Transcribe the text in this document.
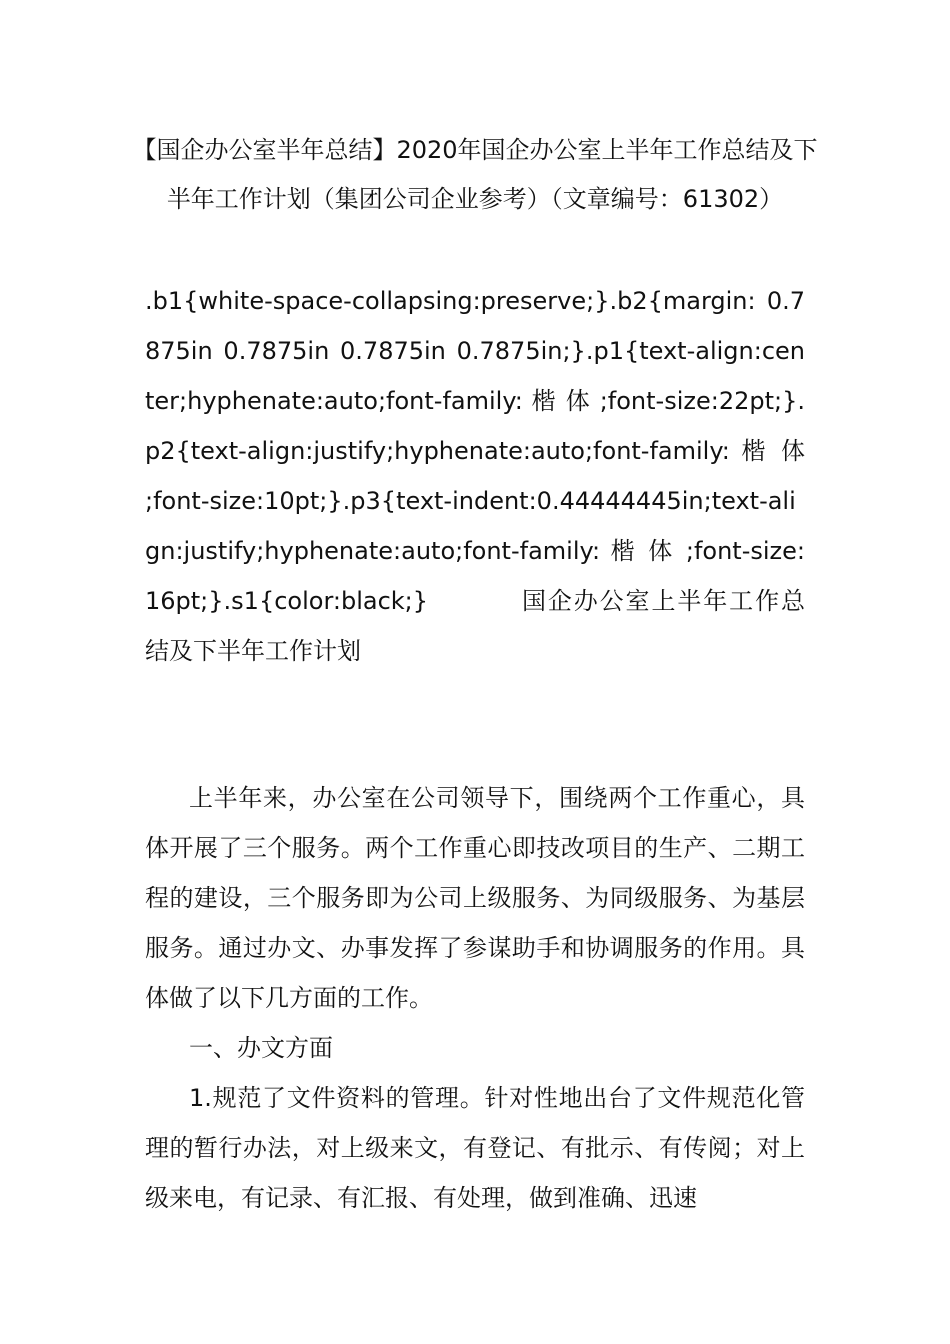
【国企办公室半年总结】2020年国企办公室上半年工作总结及下半年工作计划（集团公司企业参考）（文章编号：61302）
.b1{white-space-collapsing:preserve;}.b2{margin: 0.7875in 0.7875in 0.7875in 0.7875in;}.p1{text-align:center;hyphenate:auto;font-family: 楷 体 ;font-size:22pt;}.p2{text-align:justify;hyphenate:auto;font-family: 楷 体 ;font-size:10pt;}.p3{text-indent:0.44444445in;text-align:justify;hyphenate:auto;font-family: 楷 体 ;font-size:16pt;}.s1{color:black;}	国企办公室上半年工作总结及下半年工作计划

上半年来，办公室在公司领导下，围绕两个工作重心，具体开展了三个服务。两个工作重心即技改项目的生产、二期工程的建设，三个服务即为公司上级服务、为同级服务、为基层服务。通过办文、办事发挥了参谋助手和协调服务的作用。具体做了以下几方面的工作。

一、办文方面

1.规范了文件资料的管理。针对性地出台了文件规范化管理的暂行办法，对上级来文，有登记、有批示、有传阅；对上级来电，有记录、有汇报、有处理，做到准确、迅速
